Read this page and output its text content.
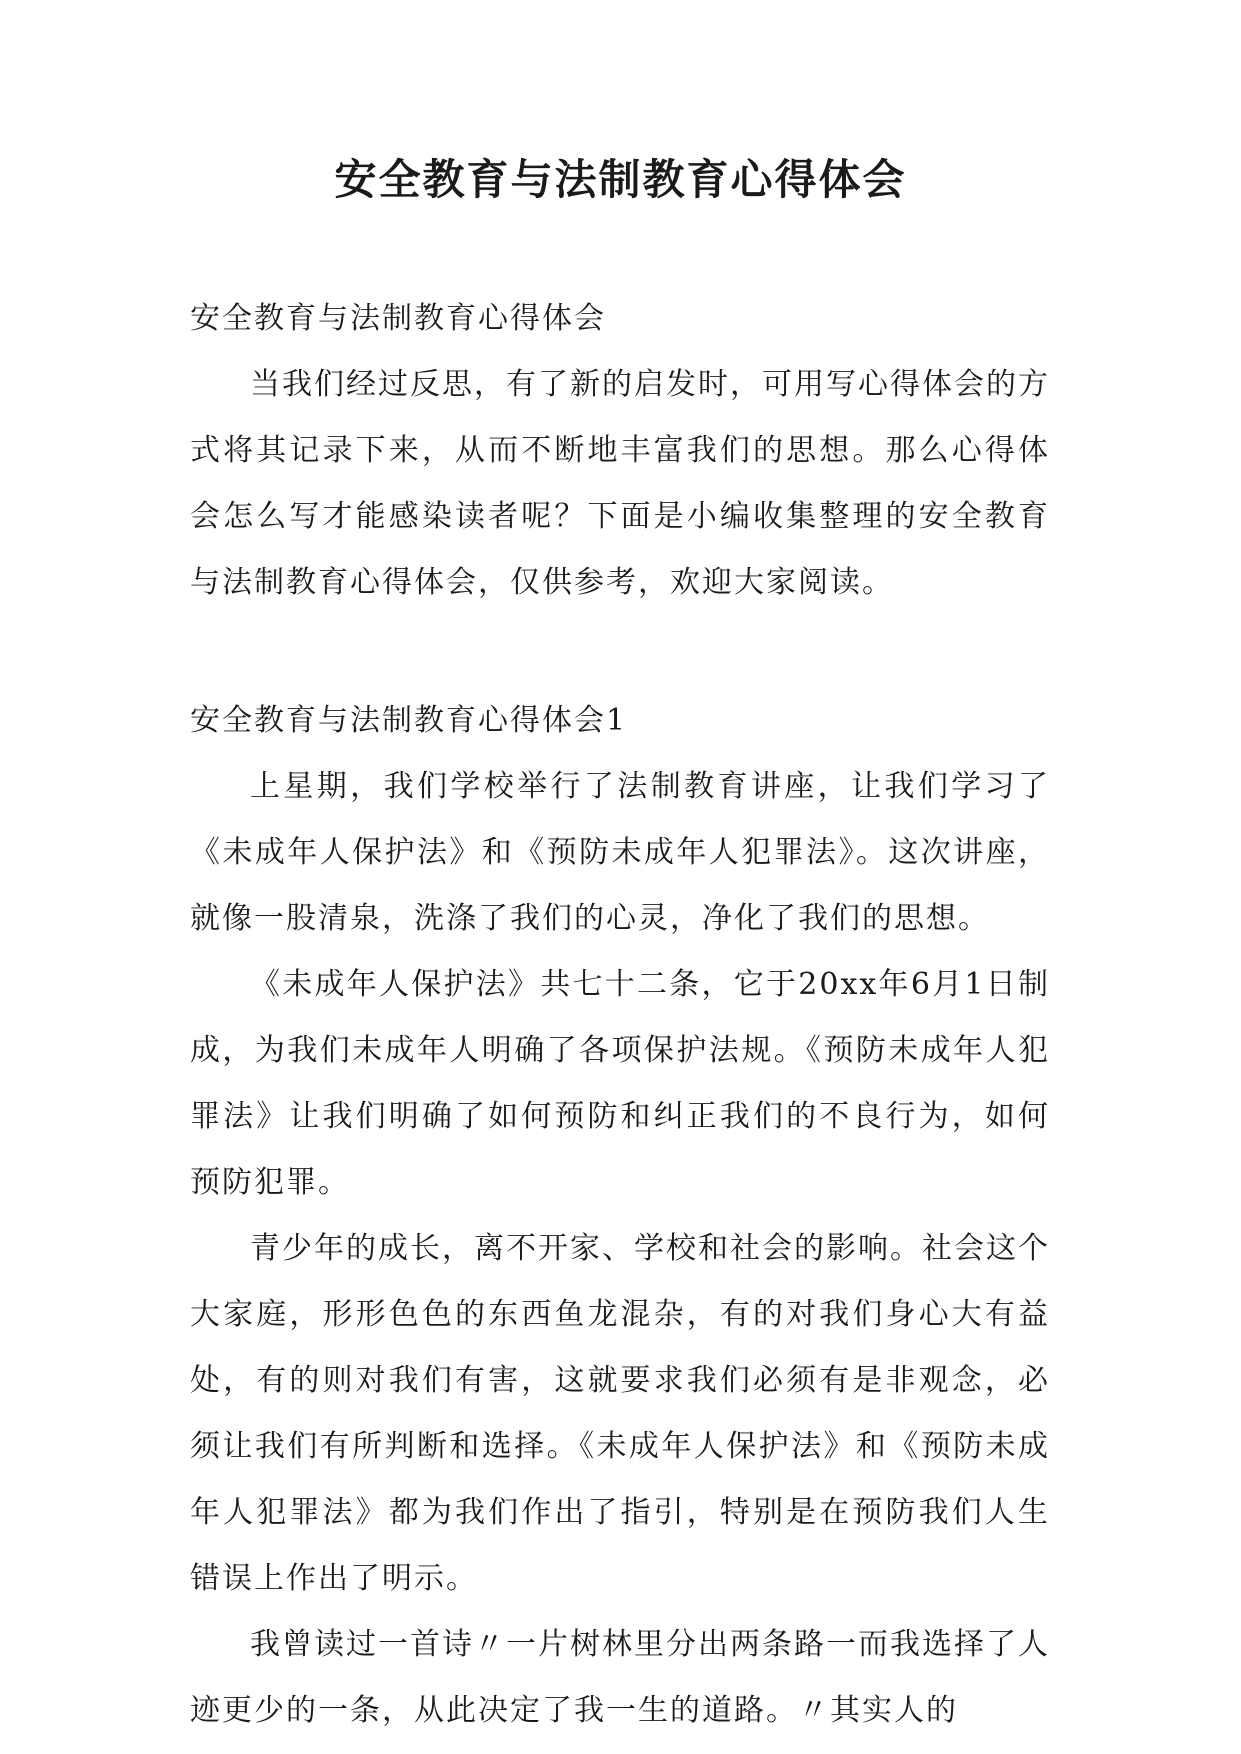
安全教育与法制教育心得体会

安全教育与法制教育心得体会

当我们经过反思，有了新的启发时，可用写心得体会的方式将其记录下来，从而不断地丰富我们的思想。那么心得体会怎么写才能感染读者呢？下面是小编收集整理的安全教育与法制教育心得体会，仅供参考，欢迎大家阅读。

安全教育与法制教育心得体会1

上星期，我们学校举行了法制教育讲座，让我们学习了《未成年人保护法》和《预防未成年人犯罪法》。这次讲座，就像一股清泉，洗涤了我们的心灵，净化了我们的思想。

《未成年人保护法》共七十二条，它于20xx年6月1日制成，为我们未成年人明确了各项保护法规。《预防未成年人犯罪法》让我们明确了如何预防和纠正我们的不良行为，如何预防犯罪。

青少年的成长，离不开家、学校和社会的影响。社会这个大家庭，形形色色的东西鱼龙混杂，有的对我们身心大有益处，有的则对我们有害，这就要求我们必须有是非观念，必须让我们有所判断和选择。《未成年人保护法》和《预防未成年人犯罪法》都为我们作出了指引，特别是在预防我们人生错误上作出了明示。

我曾读过一首诗〃一片树林里分出两条路一而我选择了人迹更少的一条，从此决定了我一生的道路。〃其实人的
